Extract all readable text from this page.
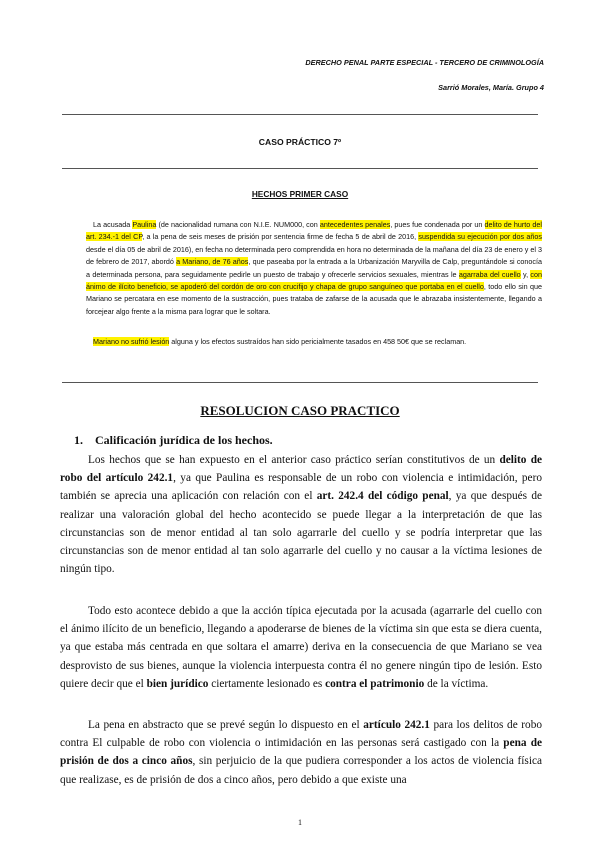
DERECHO PENAL PARTE ESPECIAL - TERCERO DE CRIMINOLOGÍA
Sarrió Morales, María. Grupo 4
CASO PRÁCTICO 7º
HECHOS PRIMER CASO

La acusada Paulina (de nacionalidad rumana con N.I.E. NUM000, con antecedentes penales, pues fue condenada por un delito de hurto del art. 234.-1 del CP, a la pena de seis meses de prisión por sentencia firme de fecha 5 de abril de 2016, suspendida su ejecución por dos años desde el día 05 de abril de 2016), en fecha no determinada pero comprendida en hora no determinada de la mañana del día 23 de enero y el 3 de febrero de 2017, abordó a Mariano, de 76 años, que paseaba por la entrada a la Urbanización Maryvilla de Calp, preguntándole si conocía a determinada persona, para seguidamente pedirle un puesto de trabajo y ofrecerle servicios sexuales, mientras le agarraba del cuello y, con ánimo de ilícito beneficio, se apoderó del cordón de oro con crucifijo y chapa de grupo sanguíneo que portaba en el cuello, todo ello sin que Mariano se percatara en ese momento de la sustracción, pues trataba de zafarse de la acusada que le abrazaba insistentemente, llegando a forcejear algo frente a la misma para lograr que le soltara.

Mariano no sufrió lesión alguna y los efectos sustraídos han sido pericialmente tasados en 458 50€ que se reclaman.

RESOLUCION CASO PRACTICO
1. Calificación jurídica de los hechos.

Los hechos que se han expuesto en el anterior caso práctico serían constitutivos de un delito de robo del artículo 242.1, ya que Paulina es responsable de un robo con violencia e intimidación, pero también se aprecia una aplicación con relación con el art. 242.4 del código penal, ya que después de realizar una valoración global del hecho acontecido se puede llegar a la interpretación de que las circunstancias son de menor entidad al tan solo agarrarle del cuello y se podría interpretar que las circunstancias son de menor entidad al tan solo agarrarle del cuello y no causar a la víctima lesiones de ningún tipo.

Todo esto acontece debido a que la acción típica ejecutada por la acusada (agarrarle del cuello con el ánimo ilícito de un beneficio, llegando a apoderarse de bienes de la víctima sin que esta se diera cuenta, ya que estaba más centrada en que soltara el amarre) deriva en la consecuencia de que Mariano se vea desprovisto de sus bienes, aunque la violencia interpuesta contra él no genere ningún tipo de lesión. Esto quiere decir que el bien jurídico ciertamente lesionado es contra el patrimonio de la víctima.

La pena en abstracto que se prevé según lo dispuesto en el artículo 242.1 para los delitos de robo contra El culpable de robo con violencia o intimidación en las personas será castigado con la pena de prisión de dos a cinco años, sin perjuicio de la que pudiera corresponder a los actos de violencia física que realizase, es de prisión de dos a cinco años, pero debido a que existe una

1
